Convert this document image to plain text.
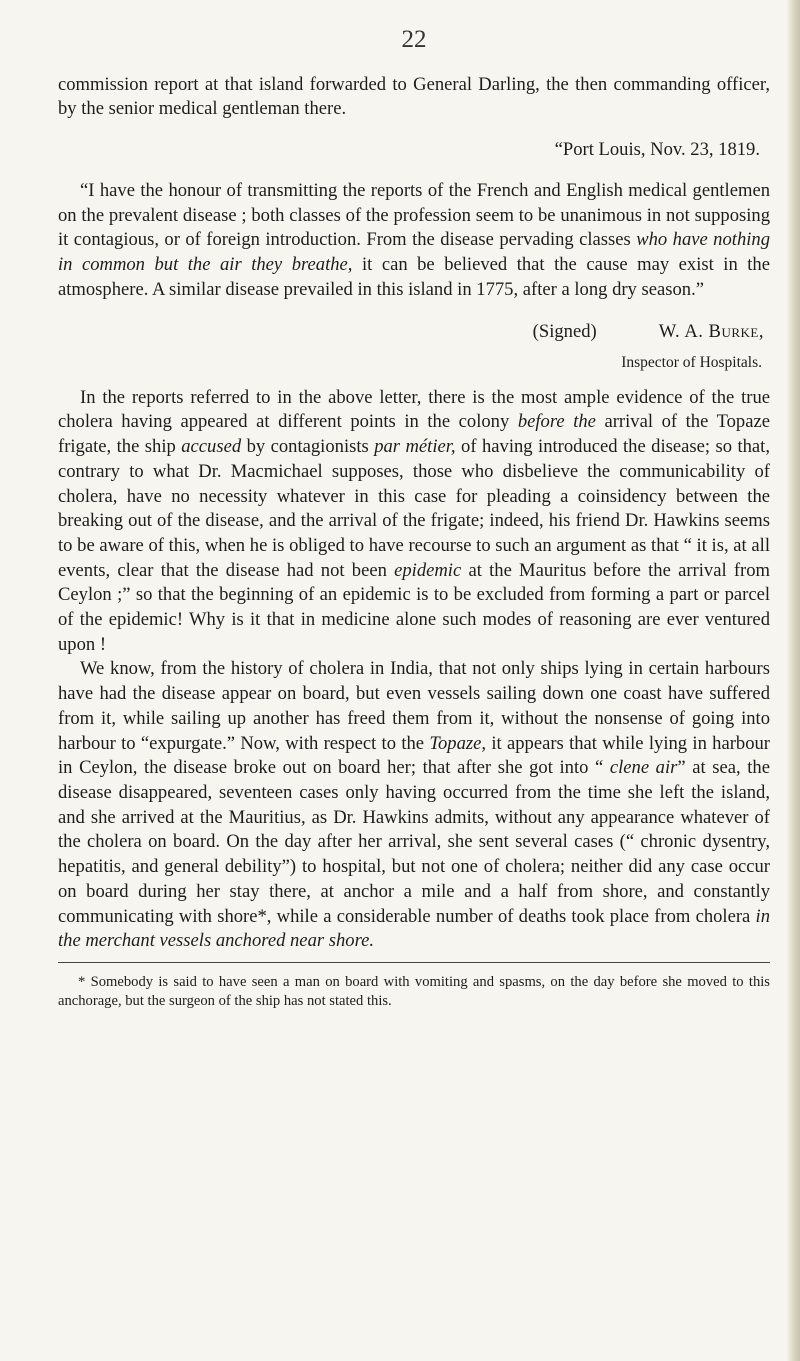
22

commission report at that island forwarded to General Darling, the then commanding officer, by the senior medical gentleman there.

“Port Louis, Nov. 23, 1819.

“I have the honour of transmitting the reports of the French and English medical gentlemen on the prevalent disease ; both classes of the profession seem to be unanimous in not supposing it contagious, or of foreign introduction. From the disease pervading classes who have nothing in common but the air they breathe, it can be believed that the cause may exist in the atmosphere. A similar disease prevailed in this island in 1775, after a long dry season.”

(Signed)	W. A. Burke,
Inspector of Hospitals.

In the reports referred to in the above letter, there is the most ample evidence of the true cholera having appeared at different points in the colony before the arrival of the Topaze frigate, the ship accused by contagionists par métier, of having introduced the disease; so that, contrary to what Dr. Macmichael supposes, those who disbelieve the communicability of cholera, have no necessity whatever in this case for pleading a coinsidency between the breaking out of the disease, and the arrival of the frigate; indeed, his friend Dr. Hawkins seems to be aware of this, when he is obliged to have recourse to such an argument as that “ it is, at all events, clear that the disease had not been epidemic at the Mauritus before the arrival from Ceylon ;” so that the beginning of an epidemic is to be excluded from forming a part or parcel of the epidemic! Why is it that in medicine alone such modes of reasoning are ever ventured upon !

We know, from the history of cholera in India, that not only ships lying in certain harbours have had the disease appear on board, but even vessels sailing down one coast have suffered from it, while sailing up another has freed them from it, without the nonsense of going into harbour to “expurgate.” Now, with respect to the Topaze, it appears that while lying in harbour in Ceylon, the disease broke out on board her; that after she got into “ clene air” at sea, the disease disappeared, seventeen cases only having occurred from the time she left the island, and she arrived at the Mauritius, as Dr. Hawkins admits, without any appearance whatever of the cholera on board. On the day after her arrival, she sent several cases (“ chronic dysentry, hepatitis, and general debility”) to hospital, but not one of cholera; neither did any case occur on board during her stay there, at anchor a mile and a half from shore, and constantly communicating with shore*, while a considerable number of deaths took place from cholera in the merchant vessels anchored near shore.

* Somebody is said to have seen a man on board with vomiting and spasms, on the day before she moved to this anchorage, but the surgeon of the ship has not stated this.
